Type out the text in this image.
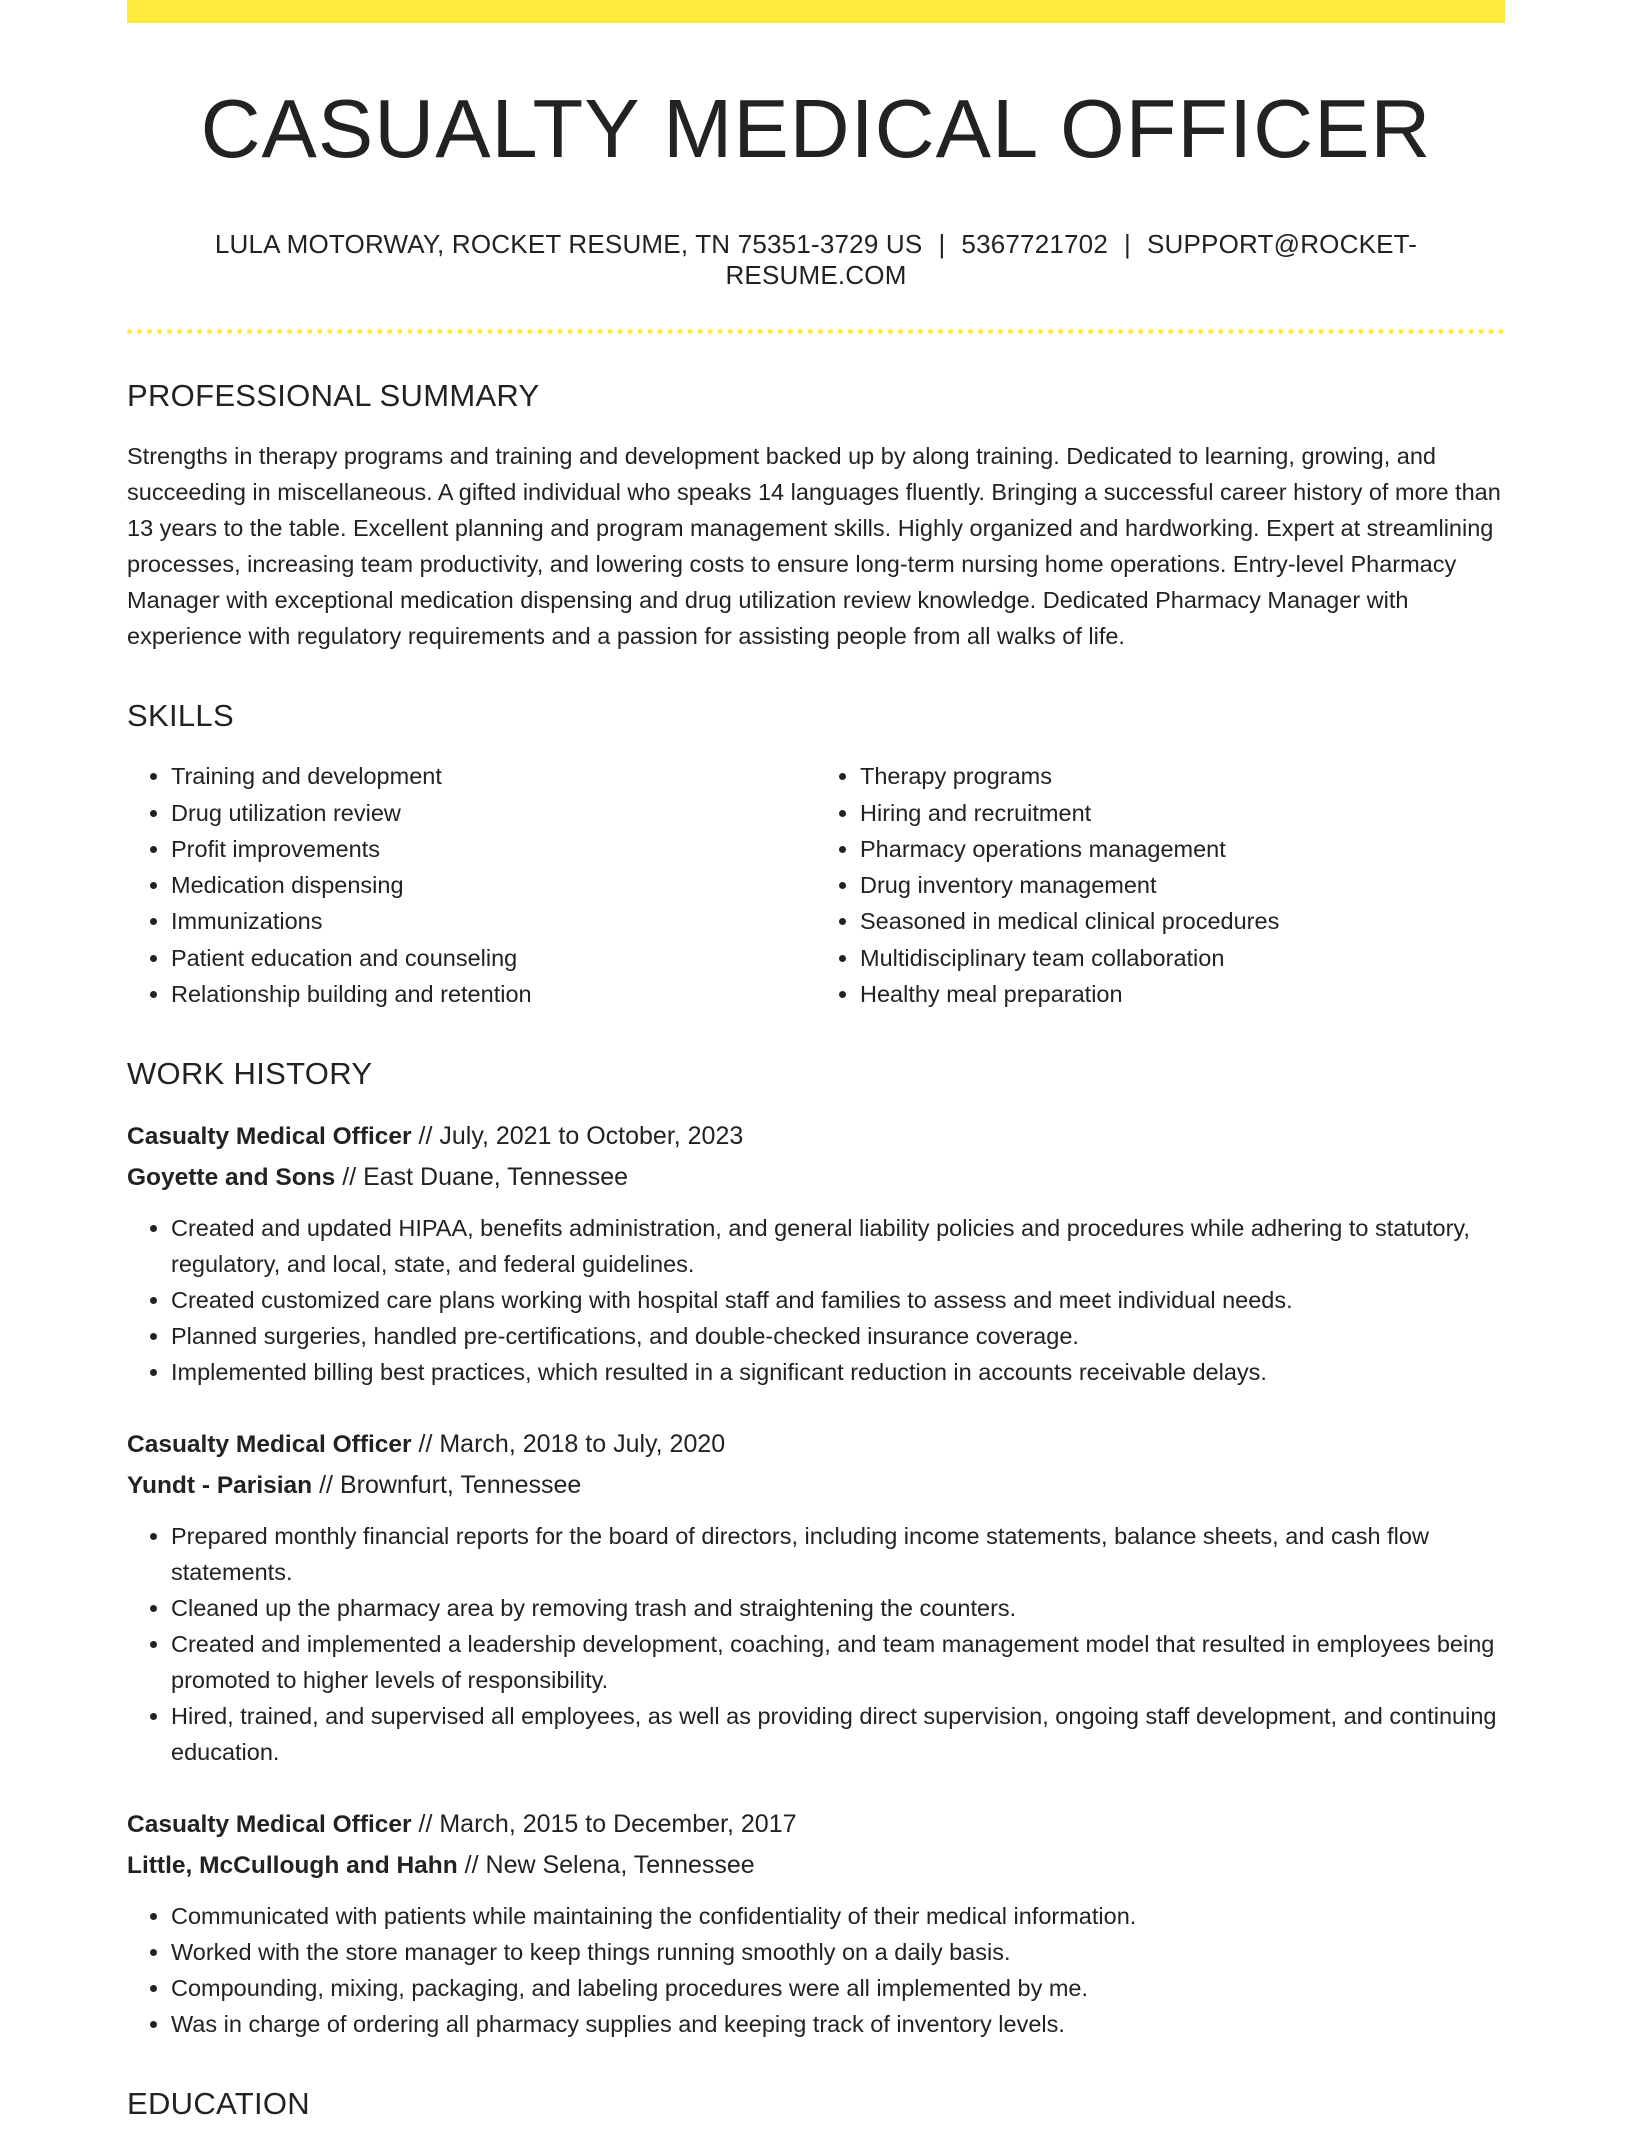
CASUALTY MEDICAL OFFICER
LULA MOTORWAY, ROCKET RESUME, TN 75351-3729 US | 5367721702 | SUPPORT@ROCKET-RESUME.COM
PROFESSIONAL SUMMARY

Strengths in therapy programs and training and development backed up by along training. Dedicated to learning, growing, and succeeding in miscellaneous. A gifted individual who speaks 14 languages fluently. Bringing a successful career history of more than 13 years to the table. Excellent planning and program management skills. Highly organized and hardworking. Expert at streamlining processes, increasing team productivity, and lowering costs to ensure long-term nursing home operations. Entry-level Pharmacy Manager with exceptional medication dispensing and drug utilization review knowledge. Dedicated Pharmacy Manager with experience with regulatory requirements and a passion for assisting people from all walks of life.

SKILLS
• Training and development
• Drug utilization review
• Profit improvements
• Medication dispensing
• Immunizations
• Patient education and counseling
• Relationship building and retention
• Therapy programs
• Hiring and recruitment
• Pharmacy operations management
• Drug inventory management
• Seasoned in medical clinical procedures
• Multidisciplinary team collaboration
• Healthy meal preparation
WORK HISTORY
Casualty Medical Officer // July, 2021 to October, 2023
Goyette and Sons // East Duane, Tennessee
• Created and updated HIPAA, benefits administration, and general liability policies and procedures while adhering to statutory, regulatory, and local, state, and federal guidelines.
• Created customized care plans working with hospital staff and families to assess and meet individual needs.
• Planned surgeries, handled pre-certifications, and double-checked insurance coverage.
• Implemented billing best practices, which resulted in a significant reduction in accounts receivable delays.
Casualty Medical Officer // March, 2018 to July, 2020
Yundt - Parisian // Brownfurt, Tennessee
• Prepared monthly financial reports for the board of directors, including income statements, balance sheets, and cash flow statements.
• Cleaned up the pharmacy area by removing trash and straightening the counters.
• Created and implemented a leadership development, coaching, and team management model that resulted in employees being promoted to higher levels of responsibility.
• Hired, trained, and supervised all employees, as well as providing direct supervision, ongoing staff development, and continuing education.
Casualty Medical Officer // March, 2015 to December, 2017
Little, McCullough and Hahn // New Selena, Tennessee
• Communicated with patients while maintaining the confidentiality of their medical information.
• Worked with the store manager to keep things running smoothly on a daily basis.
• Compounding, mixing, packaging, and labeling procedures were all implemented by me.
• Was in charge of ordering all pharmacy supplies and keeping track of inventory levels.
EDUCATION
